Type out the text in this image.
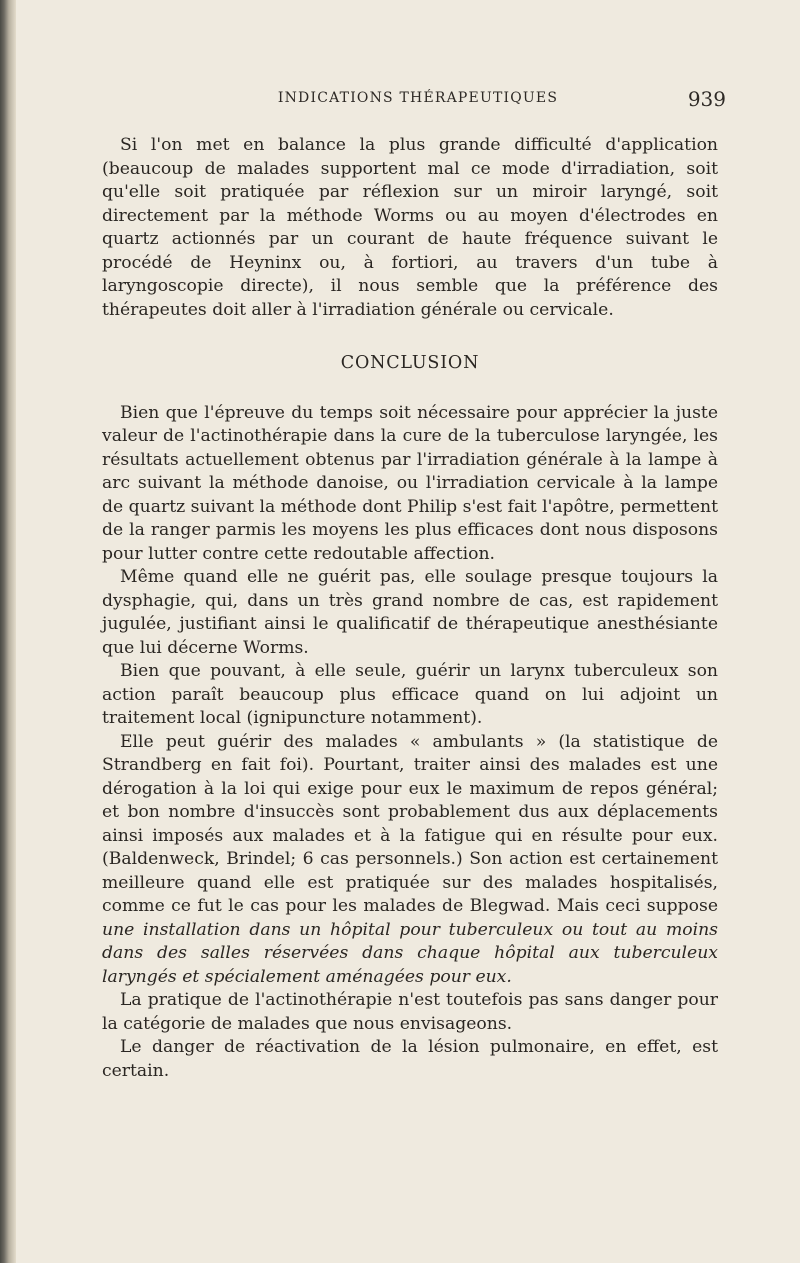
INDICATIONS THÉRAPEUTIQUES	939

Si l'on met en balance la plus grande difficulté d'application (beaucoup de malades supportent mal ce mode d'irradiation, soit qu'elle soit pratiquée par réflexion sur un miroir laryngé, soit directement par la méthode Worms ou au moyen d'électrodes en quartz actionnés par un courant de haute fréquence suivant le procédé de Heyninx ou, à fortiori, au travers d'un tube à laryngoscopie directe), il nous semble que la préférence des thérapeutes doit aller à l'irradiation générale ou cervicale.

CONCLUSION

Bien que l'épreuve du temps soit nécessaire pour apprécier la juste valeur de l'actinothérapie dans la cure de la tuberculose laryngée, les résultats actuellement obtenus par l'irradiation générale à la lampe à arc suivant la méthode danoise, ou l'irradiation cervicale à la lampe de quartz suivant la méthode dont Philip s'est fait l'apôtre, permettent de la ranger parmis les moyens les plus efficaces dont nous disposons pour lutter contre cette redoutable affection.

Même quand elle ne guérit pas, elle soulage presque toujours la dysphagie, qui, dans un très grand nombre de cas, est rapidement jugulée, justifiant ainsi le qualificatif de thérapeutique anesthésiante que lui décerne Worms.

Bien que pouvant, à elle seule, guérir un larynx tuberculeux son action paraît beaucoup plus efficace quand on lui adjoint un traitement local (ignipuncture notamment).

Elle peut guérir des malades « ambulants » (la statistique de Strandberg en fait foi). Pourtant, traiter ainsi des malades est une dérogation à la loi qui exige pour eux le maximum de repos général; et bon nombre d'insuccès sont probablement dus aux déplacements ainsi imposés aux malades et à la fatigue qui en résulte pour eux. (Baldenweck, Brindel; 6 cas personnels.) Son action est certainement meilleure quand elle est pratiquée sur des malades hospitalisés, comme ce fut le cas pour les malades de Blegwad. Mais ceci suppose une installation dans un hôpital pour tuberculeux ou tout au moins dans des salles réservées dans chaque hôpital aux tuberculeux laryngés et spécialement aménagées pour eux.

La pratique de l'actinothérapie n'est toutefois pas sans danger pour la catégorie de malades que nous envisageons.

Le danger de réactivation de la lésion pulmonaire, en effet, est certain.
